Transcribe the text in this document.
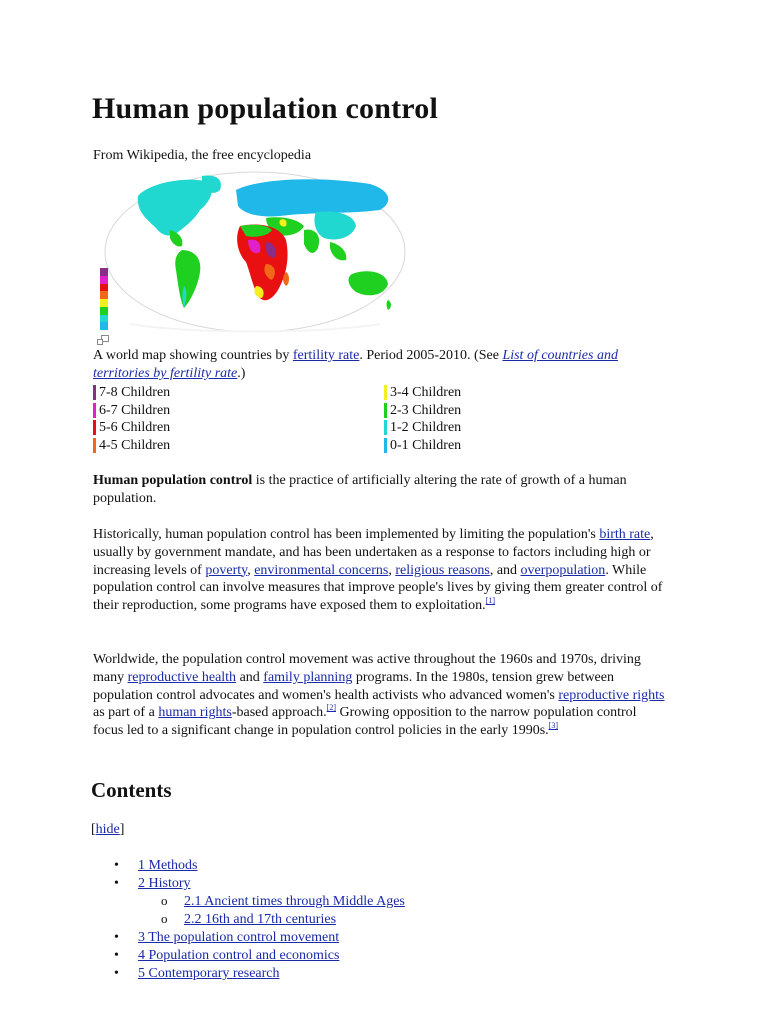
Human population control
From Wikipedia, the free encyclopedia
A world map showing countries by fertility rate. Period 2005-2010. (See List of countries and territories by fertility rate.)
7-8 Children
6-7 Children
5-6 Children
4-5 Children
3-4 Children
2-3 Children
1-2 Children
0-1 Children
Human population control is the practice of artificially altering the rate of growth of a human population.
Historically, human population control has been implemented by limiting the population's birth rate, usually by government mandate, and has been undertaken as a response to factors including high or increasing levels of poverty, environmental concerns, religious reasons, and overpopulation. While population control can involve measures that improve people's lives by giving them greater control of their reproduction, some programs have exposed them to exploitation.[1]
Worldwide, the population control movement was active throughout the 1960s and 1970s, driving many reproductive health and family planning programs. In the 1980s, tension grew between population control advocates and women's health activists who advanced women's reproductive rights as part of a human rights-based approach.[2] Growing opposition to the narrow population control focus led to a significant change in population control policies in the early 1990s.[3]
Contents
[hide]
• 1 Methods
• 2 History
o 2.1 Ancient times through Middle Ages
o 2.2 16th and 17th centuries
• 3 The population control movement
• 4 Population control and economics
• 5 Contemporary research
